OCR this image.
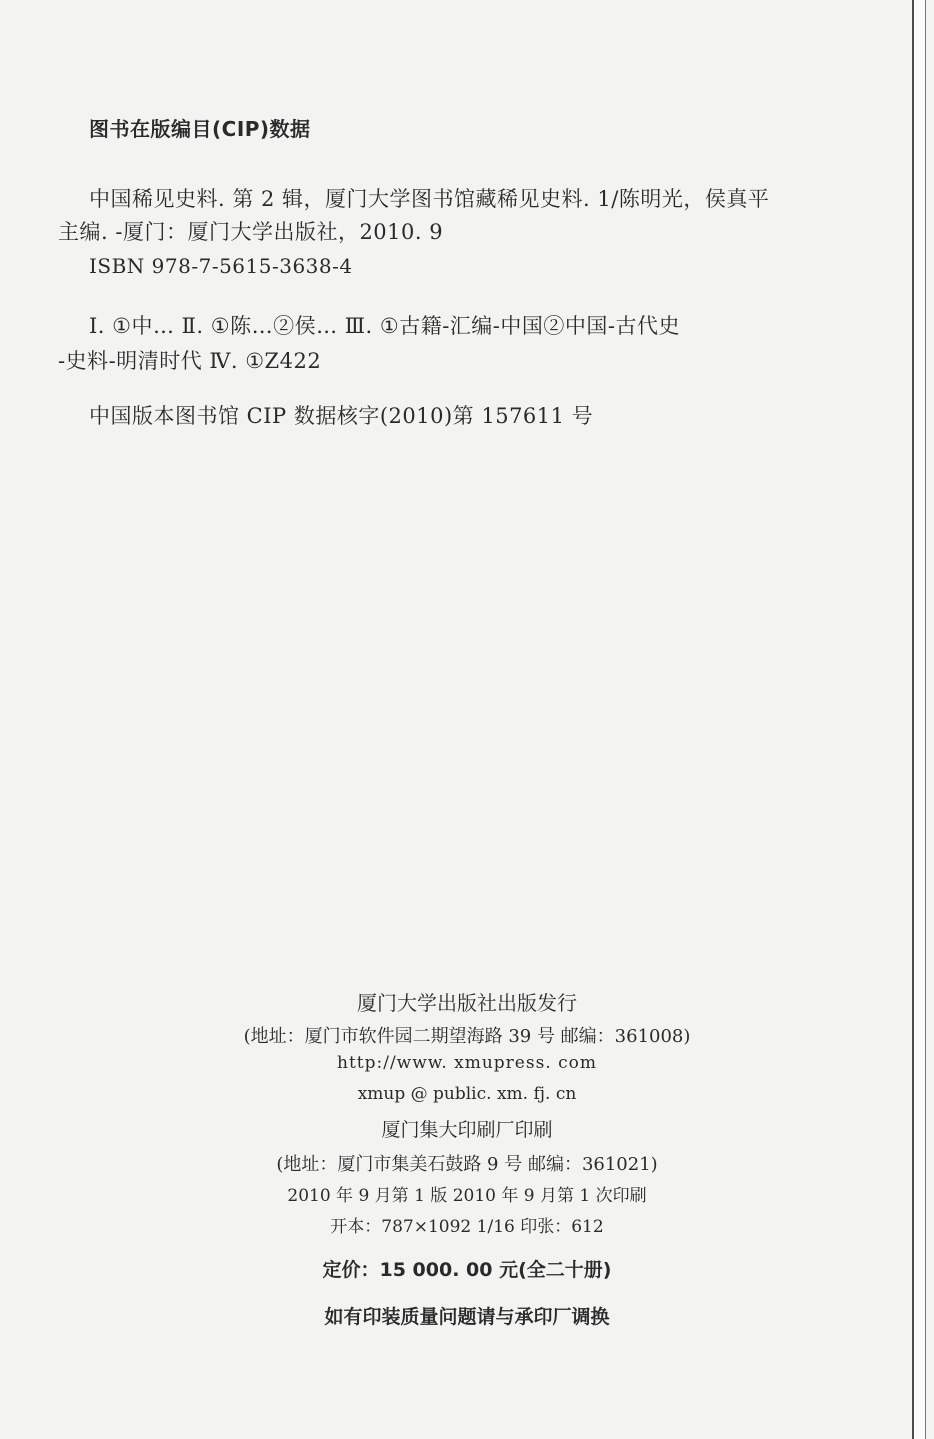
图书在版编目(CIP)数据
中国稀见史料. 第 2 辑，厦门大学图书馆藏稀见史料. 1/陈明光，侯真平
主编. -厦门：厦门大学出版社，2010. 9
ISBN 978-7-5615-3638-4
Ⅰ. ①中… Ⅱ. ①陈…②侯… Ⅲ. ①古籍-汇编-中国②中国-古代史
-史料-明清时代 Ⅳ. ①Z422
中国版本图书馆 CIP 数据核字(2010)第 157611 号
厦门大学出版社出版发行
(地址：厦门市软件园二期望海路 39 号 邮编：361008)
http://www. xmupress. com
xmup @ public. xm. fj. cn
厦门集大印刷厂印刷
(地址：厦门市集美石鼓路 9 号 邮编：361021)
2010 年 9 月第 1 版 2010 年 9 月第 1 次印刷
开本：787×1092 1/16 印张：612
定价：15 000. 00 元(全二十册)
如有印装质量问题请与承印厂调换
